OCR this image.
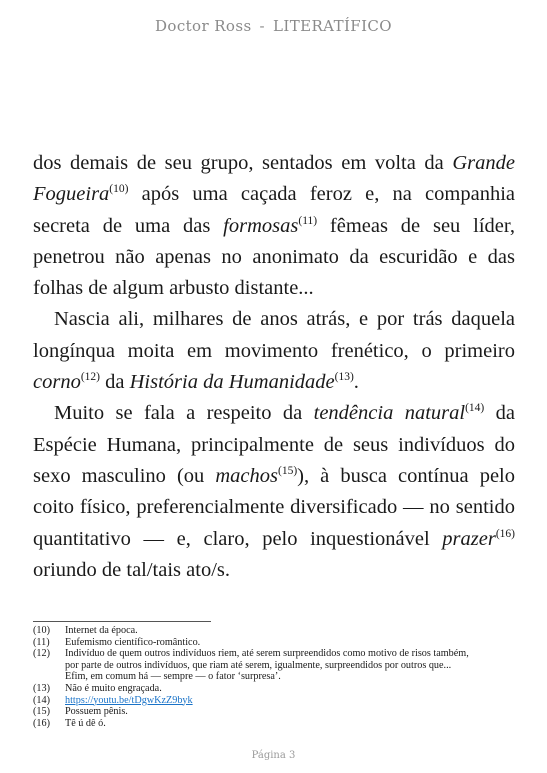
Doctor Ross - LITERATÍFICO

dos demais de seu grupo, sentados em volta da Grande Fogueira$^{(10)}$ após uma caçada feroz e, na companhia secreta de uma das formosas$^{(11)}$ fêmeas de seu líder, penetrou não apenas no anonimato da escuridão e das folhas de algum arbusto distante...

Nascia ali, milhares de anos atrás, e por trás daquela longínqua moita em movimento frenético, o primeiro corno$^{(12)}$ da História da Humanidade$^{(13)}$.

Muito se fala a respeito da tendência natural$^{(14)}$ da Espécie Humana, principalmente de seus indivíduos do sexo masculino (ou machos$^{(15)}$), à busca contínua pelo coito físico, preferencialmente diversificado — no sentido quantitativo — e, claro, pelo inquestionável prazer$^{(16)}$ oriundo de tal/tais ato/s.

(10)	Internet da época.
(11)	Eufemismo científico-romântico.
(12)	Indivíduo de quem outros indivíduos riem, até serem surpreendidos como motivo de risos também,
por parte de outros indivíduos, que riam até serem, igualmente, surpreendidos por outros que...
Efim, em comum há — sempre — o fator ‘surpresa’.
(13)	Não é muito engraçada.
(14)	https://youtu.be/tDgwKzZ9byk
(15)	Possuem pênis.
(16)	Tê ú dê ó.
Página 3
